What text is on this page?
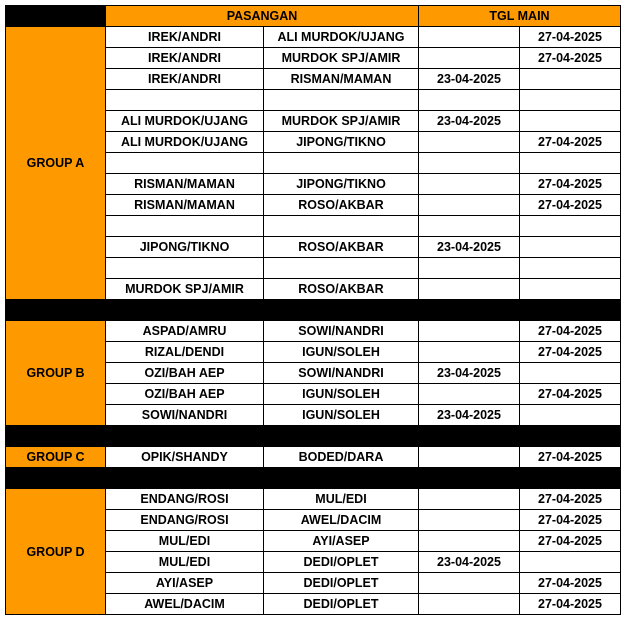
	PASANGAN		TGL MAIN	
GROUP A	IREK/ANDRI	ALI MURDOK/UJANG		27-04-2025
	IREK/ANDRI	MURDOK SPJ/AMIR		27-04-2025
	IREK/ANDRI	RISMAN/MAMAN	23-04-2025	

	ALI MURDOK/UJANG	MURDOK SPJ/AMIR	23-04-2025	
	ALI MURDOK/UJANG	JIPONG/TIKNO		27-04-2025

	RISMAN/MAMAN	JIPONG/TIKNO		27-04-2025
	RISMAN/MAMAN	ROSO/AKBAR		27-04-2025

	JIPONG/TIKNO	ROSO/AKBAR	23-04-2025	

	MURDOK SPJ/AMIR	ROSO/AKBAR		

GROUP B	ASPAD/AMRU	SOWI/NANDRI		27-04-2025
	RIZAL/DENDI	IGUN/SOLEH		27-04-2025
	OZI/BAH AEP	SOWI/NANDRI	23-04-2025	
	OZI/BAH AEP	IGUN/SOLEH		27-04-2025
	SOWI/NANDRI	IGUN/SOLEH	23-04-2025	

GROUP C	OPIK/SHANDY	BODED/DARA		27-04-2025

GROUP D	ENDANG/ROSI	MUL/EDI		27-04-2025
	ENDANG/ROSI	AWEL/DACIM		27-04-2025
	MUL/EDI	AYI/ASEP		27-04-2025
	MUL/EDI	DEDI/OPLET	23-04-2025	
	AYI/ASEP	DEDI/OPLET		27-04-2025
	AWEL/DACIM	DEDI/OPLET		27-04-2025
